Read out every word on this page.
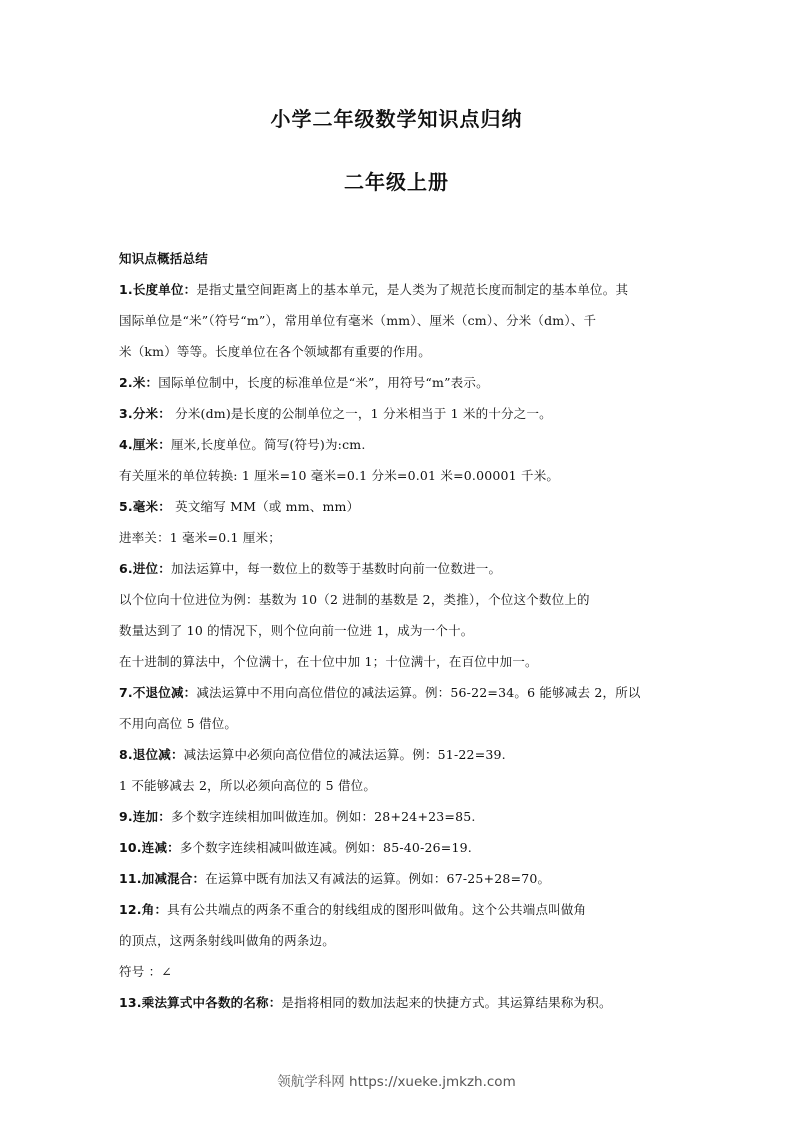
小学二年级数学知识点归纳
二年级上册
知识点概括总结
1.长度单位：是指丈量空间距离上的基本单元，是人类为了规范长度而制定的基本单位。其
国际单位是“米”（符号“m”），常用单位有毫米（mm）、厘米（cm）、分米（dm）、千
米（km）等等。长度单位在各个领域都有重要的作用。
2.米：国际单位制中，长度的标准单位是“米”，用符号“m”表示。
3.分米： 分米(dm)是长度的公制单位之一，1 分米相当于 1 米的十分之一。
4.厘米：厘米,长度单位。简写(符号)为:cm.
有关厘米的单位转换: 1 厘米=10 毫米=0.1 分米=0.01 米=0.00001 千米。
5.毫米： 英文缩写 MM（或 mm、mm）
进率关：1 毫米=0.1 厘米；
6.进位：加法运算中，每一数位上的数等于基数时向前一位数进一。
以个位向十位进位为例：基数为 10（2 进制的基数是 2，类推），个位这个数位上的
数量达到了 10 的情况下，则个位向前一位进 1，成为一个十。
在十进制的算法中，个位满十，在十位中加 1；十位满十，在百位中加一。
7.不退位减：减法运算中不用向高位借位的减法运算。例：56-22=34。6 能够减去 2，所以
不用向高位 5 借位。
8.退位减：减法运算中必须向高位借位的减法运算。例：51-22=39.
1 不能够减去 2，所以必须向高位的 5 借位。
9.连加：多个数字连续相加叫做连加。例如：28+24+23=85.
10.连减：多个数字连续相减叫做连减。例如：85-40-26=19.
11.加减混合：在运算中既有加法又有减法的运算。例如：67-25+28=70。
12.角：具有公共端点的两条不重合的射线组成的图形叫做角。这个公共端点叫做角
的顶点，这两条射线叫做角的两条边。
符号 ：∠
13.乘法算式中各数的名称：是指将相同的数加法起来的快捷方式。其运算结果称为积。
领航学科网 https://xueke.jmkzh.com
